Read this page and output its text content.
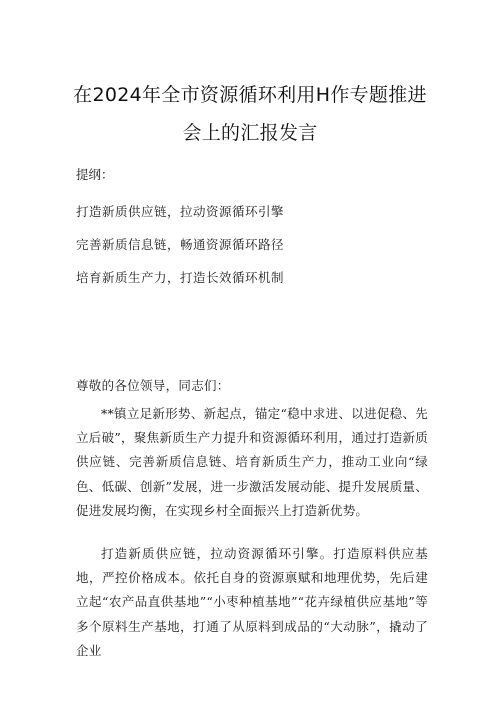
在2024年全市资源循环利用H作专题推进
会上的汇报发言
提纲：
打造新质供应链，拉动资源循环引擎
完善新质信息链，畅通资源循环路径
培育新质生产力，打造长效循环机制
尊敬的各位领导，同志们：

**镇立足新形势、新起点，锚定“稳中求进、以进促稳、先立后破”，聚焦新质生产力提升和资源循环利用，通过打造新质供应链、完善新质信息链、培育新质生产力，推动工业向“绿色、低碳、创新”发展，进一步激活发展动能、提升发展质量、促进发展均衡，在实现乡村全面振兴上打造新优势。

打造新质供应链，拉动资源循环引擎。打造原料供应基地，严控价格成本。依托自身的资源禀赋和地理优势，先后建立起“农产品直供基地”“小枣种植基地”“花卉绿植供应基地”等多个原料生产基地，打通了从原料到成品的“大动脉”，撬动了企业
